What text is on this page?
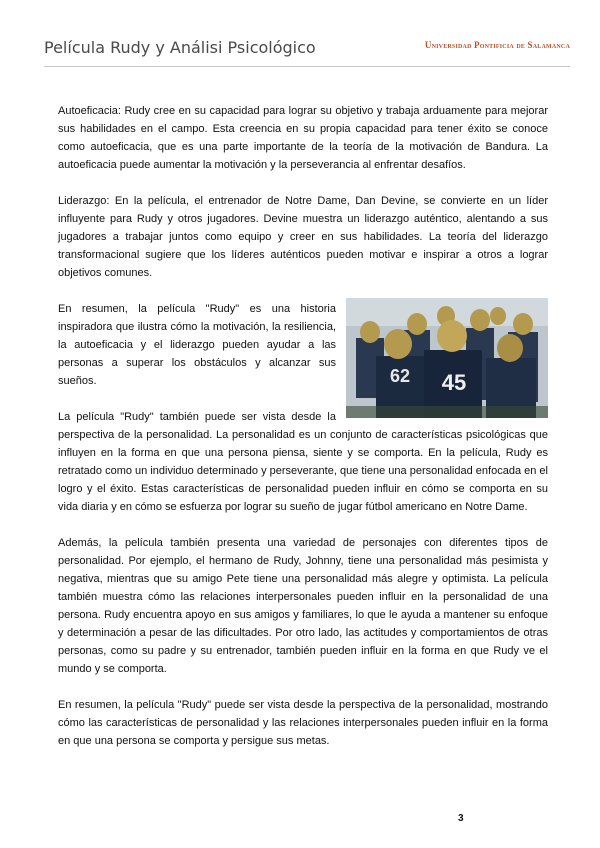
Película Rudy y Análisi Psicológico	Universidad Pontificia de Salamanca

Autoeficacia: Rudy cree en su capacidad para lograr su objetivo y trabaja arduamente para mejorar sus habilidades en el campo. Esta creencia en su propia capacidad para tener éxito se conoce como autoeficacia, que es una parte importante de la teoría de la motivación de Bandura. La autoeficacia puede aumentar la motivación y la perseverancia al enfrentar desafíos.

Liderazgo: En la película, el entrenador de Notre Dame, Dan Devine, se convierte en un líder influyente para Rudy y otros jugadores. Devine muestra un liderazgo auténtico, alentando a sus jugadores a trabajar juntos como equipo y creer en sus habilidades. La teoría del liderazgo transformacional sugiere que los líderes auténticos pueden motivar e inspirar a otros a lograr objetivos comunes.

62 45

En resumen, la película "Rudy" es una historia inspiradora que ilustra cómo la motivación, la resiliencia, la autoeficacia y el liderazgo pueden ayudar a las personas a superar los obstáculos y alcanzar sus sueños.

La película "Rudy" también puede ser vista desde la perspectiva de la personalidad. La personalidad es un conjunto de características psicológicas que influyen en la forma en que una persona piensa, siente y se comporta. En la película, Rudy es retratado como un individuo determinado y perseverante, que tiene una personalidad enfocada en el logro y el éxito. Estas características de personalidad pueden influir en cómo se comporta en su vida diaria y en cómo se esfuerza por lograr su sueño de jugar fútbol americano en Notre Dame.

Además, la película también presenta una variedad de personajes con diferentes tipos de personalidad. Por ejemplo, el hermano de Rudy, Johnny, tiene una personalidad más pesimista y negativa, mientras que su amigo Pete tiene una personalidad más alegre y optimista. La película también muestra cómo las relaciones interpersonales pueden influir en la personalidad de una persona. Rudy encuentra apoyo en sus amigos y familiares, lo que le ayuda a mantener su enfoque y determinación a pesar de las dificultades. Por otro lado, las actitudes y comportamientos de otras personas, como su padre y su entrenador, también pueden influir en la forma en que Rudy ve el mundo y se comporta.

En resumen, la película "Rudy" puede ser vista desde la perspectiva de la personalidad, mostrando cómo las características de personalidad y las relaciones interpersonales pueden influir en la forma en que una persona se comporta y persigue sus metas.

3
